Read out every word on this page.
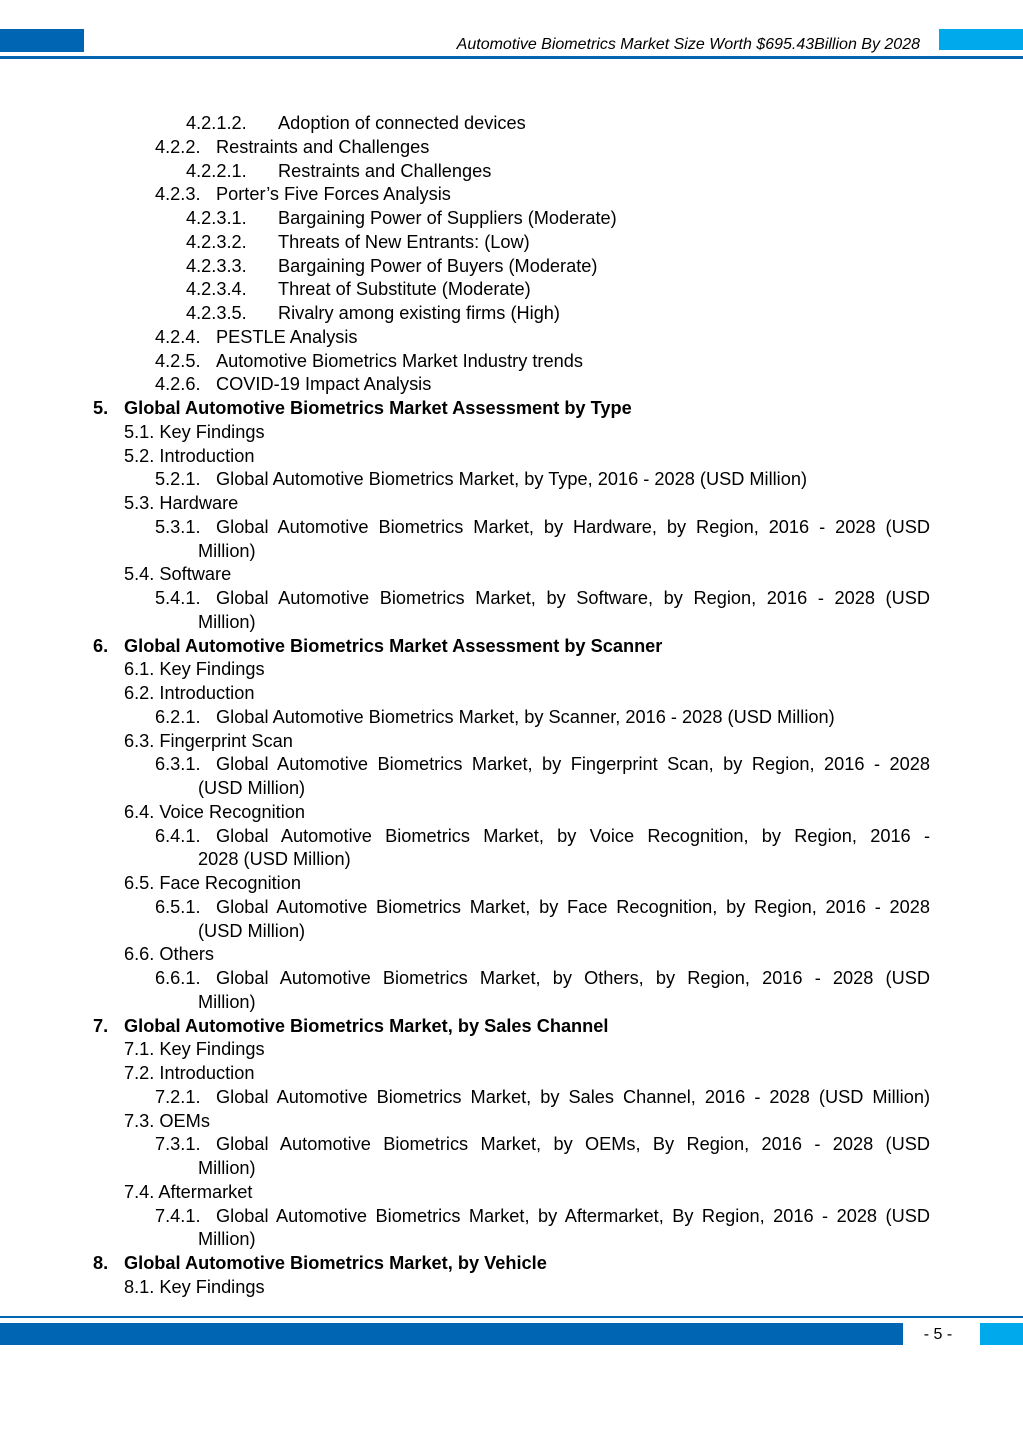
Automotive Biometrics Market Size Worth $695.43Billion By 2028
4.2.1.2. Adoption of connected devices
4.2.2. Restraints and Challenges
4.2.2.1. Restraints and Challenges
4.2.3. Porter’s Five Forces Analysis
4.2.3.1. Bargaining Power of Suppliers (Moderate)
4.2.3.2. Threats of New Entrants: (Low)
4.2.3.3. Bargaining Power of Buyers (Moderate)
4.2.3.4. Threat of Substitute (Moderate)
4.2.3.5. Rivalry among existing firms (High)
4.2.4. PESTLE Analysis
4.2.5. Automotive Biometrics Market Industry trends
4.2.6. COVID-19 Impact Analysis
5. Global Automotive Biometrics Market Assessment by Type
5.1. Key Findings
5.2. Introduction
5.2.1. Global Automotive Biometrics Market, by Type, 2016 - 2028 (USD Million)
5.3. Hardware
5.3.1. Global Automotive Biometrics Market, by Hardware, by Region, 2016 - 2028 (USD
Million)
5.4. Software
5.4.1. Global Automotive Biometrics Market, by Software, by Region, 2016 - 2028 (USD
Million)
6. Global Automotive Biometrics Market Assessment by Scanner
6.1. Key Findings
6.2. Introduction
6.2.1. Global Automotive Biometrics Market, by Scanner, 2016 - 2028 (USD Million)
6.3. Fingerprint Scan
6.3.1. Global Automotive Biometrics Market, by Fingerprint Scan, by Region, 2016 - 2028
(USD Million)
6.4. Voice Recognition
6.4.1. Global Automotive Biometrics Market, by Voice Recognition, by Region, 2016 -
2028 (USD Million)
6.5. Face Recognition
6.5.1. Global Automotive Biometrics Market, by Face Recognition, by Region, 2016 - 2028
(USD Million)
6.6. Others
6.6.1. Global Automotive Biometrics Market, by Others, by Region, 2016 - 2028 (USD
Million)
7. Global Automotive Biometrics Market, by Sales Channel
7.1. Key Findings
7.2. Introduction
7.2.1. Global Automotive Biometrics Market, by Sales Channel, 2016 - 2028 (USD Million)
7.3. OEMs
7.3.1. Global Automotive Biometrics Market, by OEMs, By Region, 2016 - 2028 (USD
Million)
7.4. Aftermarket
7.4.1. Global Automotive Biometrics Market, by Aftermarket, By Region, 2016 - 2028 (USD
Million)
8. Global Automotive Biometrics Market, by Vehicle
8.1. Key Findings
- 5 -
